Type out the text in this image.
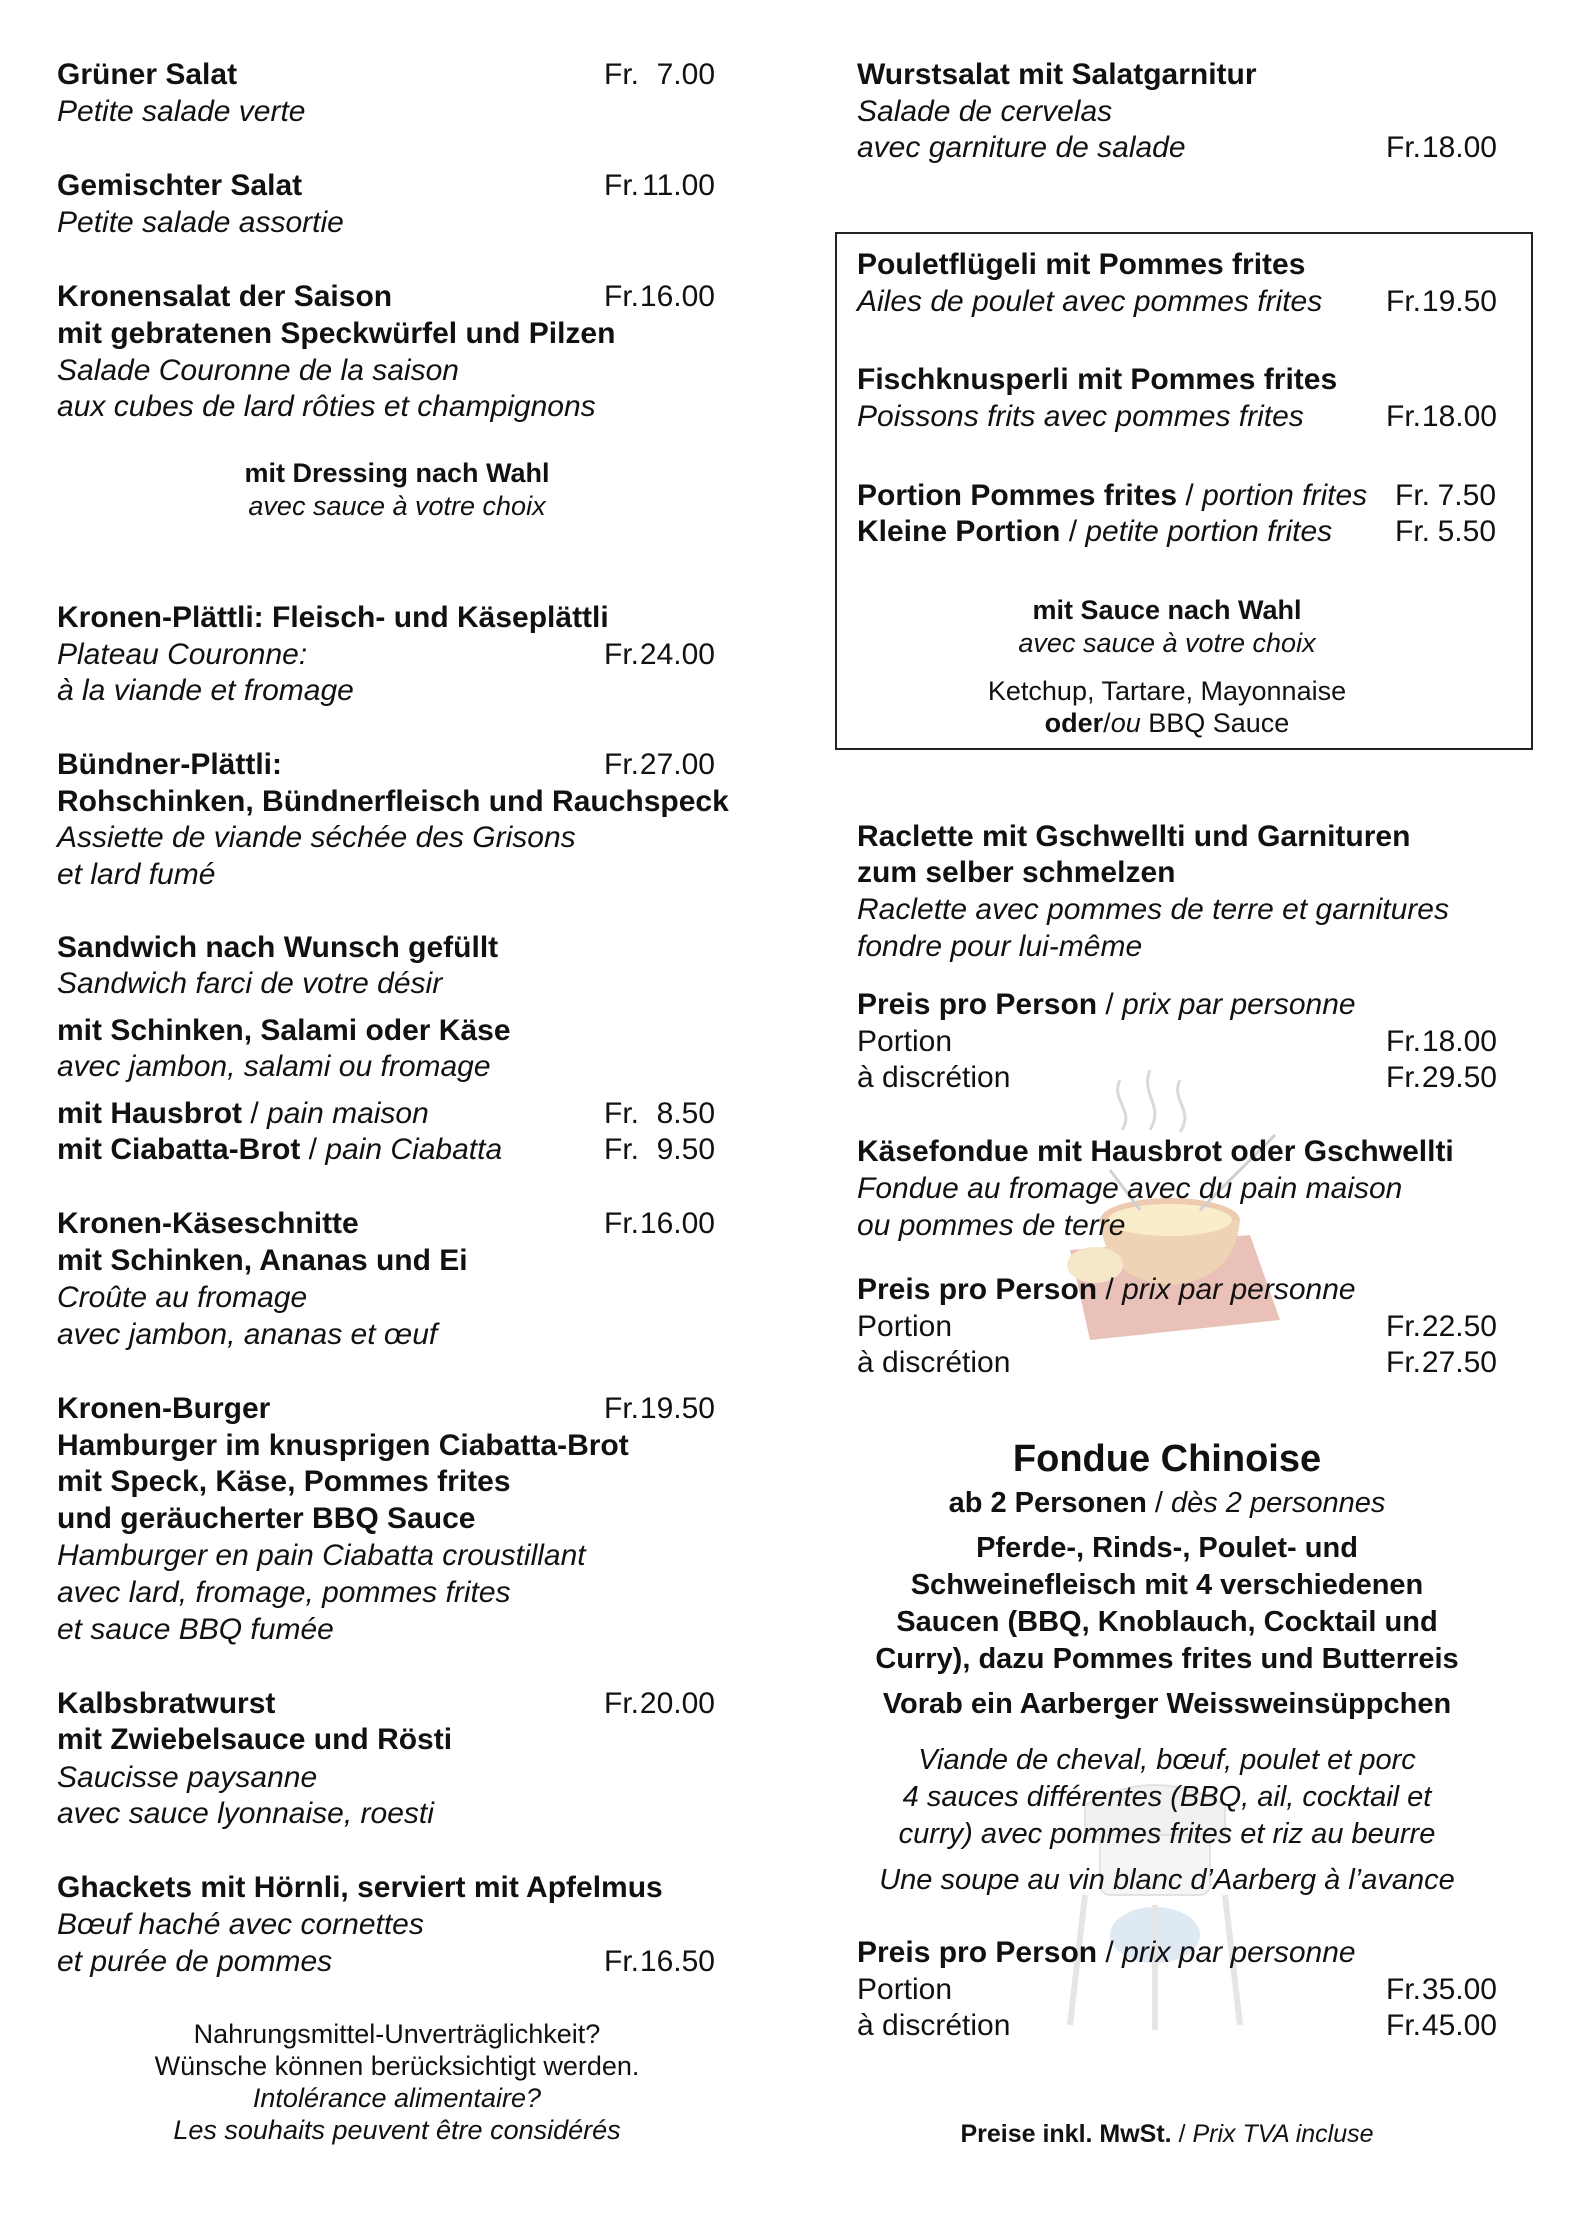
Grüner Salat	Fr. 7.00
Petite salade verte
Gemischter Salat	Fr. 11.00
Petite salade assortie
Kronensalat der Saison	Fr.16.00
mit gebratenen Speckwürfel und Pilzen
Salade Couronne de la saison
aux cubes de lard rôties et champignons
mit Dressing nach Wahl
avec sauce à votre choix
Kronen-Plättli: Fleisch- und Käseplättli
Plateau Couronne:	Fr.24.00
à la viande et fromage
Bündner-Plättli:	Fr.27.00
Rohschinken, Bündnerfleisch und Rauchspeck
Assiette de viande séchée des Grisons
et lard fumé
Sandwich nach Wunsch gefüllt
Sandwich farci de votre désir
mit Schinken, Salami oder Käse
avec jambon, salami ou fromage
mit Hausbrot / pain maison	Fr. 8.50
mit Ciabatta-Brot / pain Ciabatta	Fr. 9.50
Kronen-Käseschnitte	Fr.16.00
mit Schinken, Ananas und Ei
Croûte au fromage
avec jambon, ananas et œuf
Kronen-Burger	Fr.19.50
Hamburger im knusprigen Ciabatta-Brot
mit Speck, Käse, Pommes frites
und geräucherter BBQ Sauce
Hamburger en pain Ciabatta croustillant
avec lard, fromage, pommes frites
et sauce BBQ fumée
Kalbsbratwurst	Fr.20.00
mit Zwiebelsauce und Rösti
Saucisse paysanne
avec sauce lyonnaise, roesti
Ghackets mit Hörnli, serviert mit Apfelmus
Bœuf haché avec cornettes
et purée de pommes	Fr.16.50
Nahrungsmittel-Unverträglichkeit?
Wünsche können berücksichtigt werden.
Intolérance alimentaire?
Les souhaits peuvent être considérés
Wurstsalat mit Salatgarnitur
Salade de cervelas
avec garniture de salade	Fr.18.00
Pouletflügeli mit Pommes frites
Ailes de poulet avec pommes frites Fr.19.50
Fischknusperli mit Pommes frites
Poissons frits avec pommes frites	Fr.18.00
Portion Pommes frites / portion frites Fr. 7.50
Kleine Portion / petite portion frites Fr. 5.50
mit Sauce nach Wahl
avec sauce à votre choix
Ketchup, Tartare, Mayonnaise
oder/ou BBQ Sauce
Raclette mit Gschwellti und Garnituren
zum selber schmelzen
Raclette avec pommes de terre et garnitures
fondre pour lui-même
Preis pro Person / prix par personne
Portion	Fr.18.00
à discrétion	Fr.29.50
Käsefondue mit Hausbrot oder Gschwellti
Fondue au fromage avec du pain maison
ou pommes de terre
Preis pro Person / prix par personne
Portion	Fr.22.50
à discrétion	Fr.27.50
Fondue Chinoise
ab 2 Personen / dès 2 personnes
Pferde-, Rinds-, Poulet- und
Schweinefleisch mit 4 verschiedenen
Saucen (BBQ, Knoblauch, Cocktail und
Curry), dazu Pommes frites und Butterreis
Vorab ein Aarberger Weissweinsüppchen
Viande de cheval, bœuf, poulet et porc
4 sauces différentes (BBQ, ail, cocktail et
curry) avec pommes frites et riz au beurre
Une soupe au vin blanc d’Aarberg à l’avance
Preis pro Person / prix par personne
Portion	Fr.35.00
à discrétion	Fr.45.00
Preise inkl. MwSt. / Prix TVA incluse
